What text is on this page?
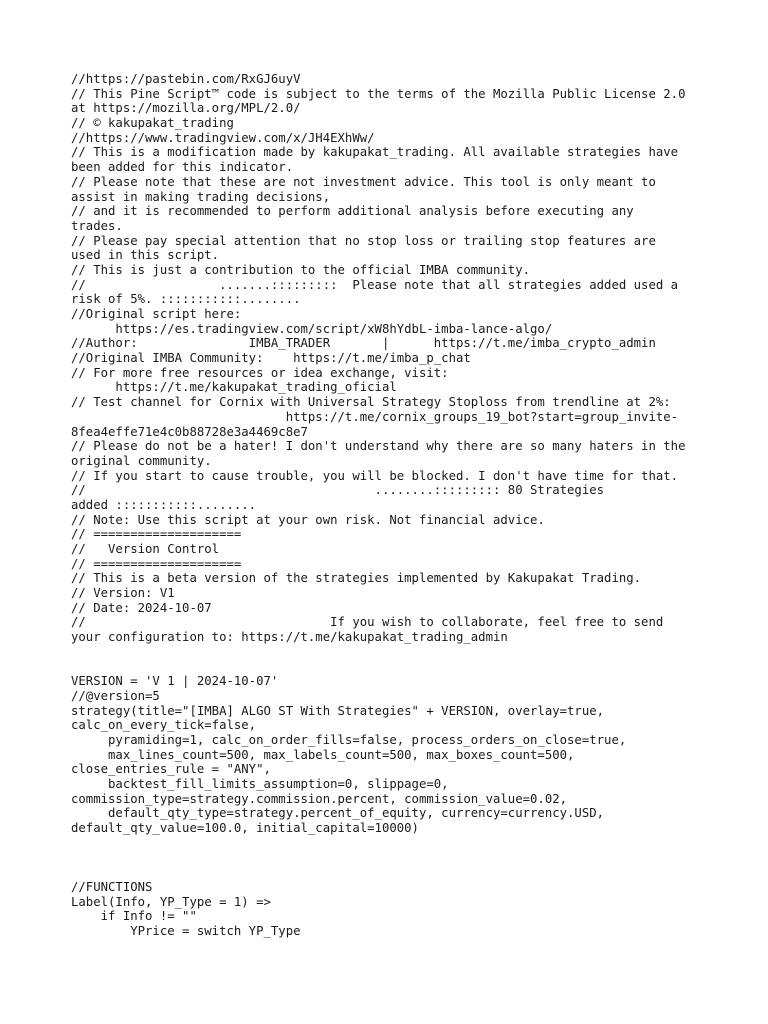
//https://pastebin.com/RxGJ6uyV
// This Pine Script™ code is subject to the terms of the Mozilla Public License 2.0
at https://mozilla.org/MPL/2.0/
// © kakupakat_trading
//https://www.tradingview.com/x/JH4EXhWw/
// This is a modification made by kakupakat_trading. All available strategies have
been added for this indicator.
// Please note that these are not investment advice. This tool is only meant to
assist in making trading decisions,
// and it is recommended to perform additional analysis before executing any
trades.
// Please pay special attention that no stop loss or trailing stop features are
used in this script.
// This is just a contribution to the official IMBA community.
//                  .......:::::::::  Please note that all strategies added used a
risk of 5%. :::::::::::........
//Original script here:
https://es.tradingview.com/script/xW8hYdbL-imba-lance-algo/
//Author:               IMBA_TRADER       |      https://t.me/imba_crypto_admin
//Original IMBA Community:    https://t.me/imba_p_chat
// For more free resources or idea exchange, visit:
https://t.me/kakupakat_trading_oficial
// Test channel for Cornix with Universal Strategy Stoploss from trendline at 2%:
https://t.me/cornix_groups_19_bot?start=group_invite-
8fea4effe71e4c0b88728e3a4469c8e7
// Please do not be a hater! I don't understand why there are so many haters in the
original community.
// If you start to cause trouble, you will be blocked. I don't have time for that.
//                                       ........::::::::: 80 Strategies
added :::::::::::........
// Note: Use this script at your own risk. Not financial advice.
// ====================
//   Version Control
// ====================
// This is a beta version of the strategies implemented by Kakupakat Trading.
// Version: V1
// Date: 2024-10-07
//                                 If you wish to collaborate, feel free to send
your configuration to: https://t.me/kakupakat_trading_admin
VERSION = 'V 1 | 2024-10-07'
//@version=5
strategy(title="[IMBA] ALGO ST With Strategies" + VERSION, overlay=true,
calc_on_every_tick=false,
pyramiding=1, calc_on_order_fills=false, process_orders_on_close=true,
max_lines_count=500, max_labels_count=500, max_boxes_count=500,
close_entries_rule = "ANY",
backtest_fill_limits_assumption=0, slippage=0,
commission_type=strategy.commission.percent, commission_value=0.02,
default_qty_type=strategy.percent_of_equity, currency=currency.USD,
default_qty_value=100.0, initial_capital=10000)
//FUNCTIONS
Label(Info, YP_Type = 1) =>
if Info != ""
YPrice = switch YP_Type
